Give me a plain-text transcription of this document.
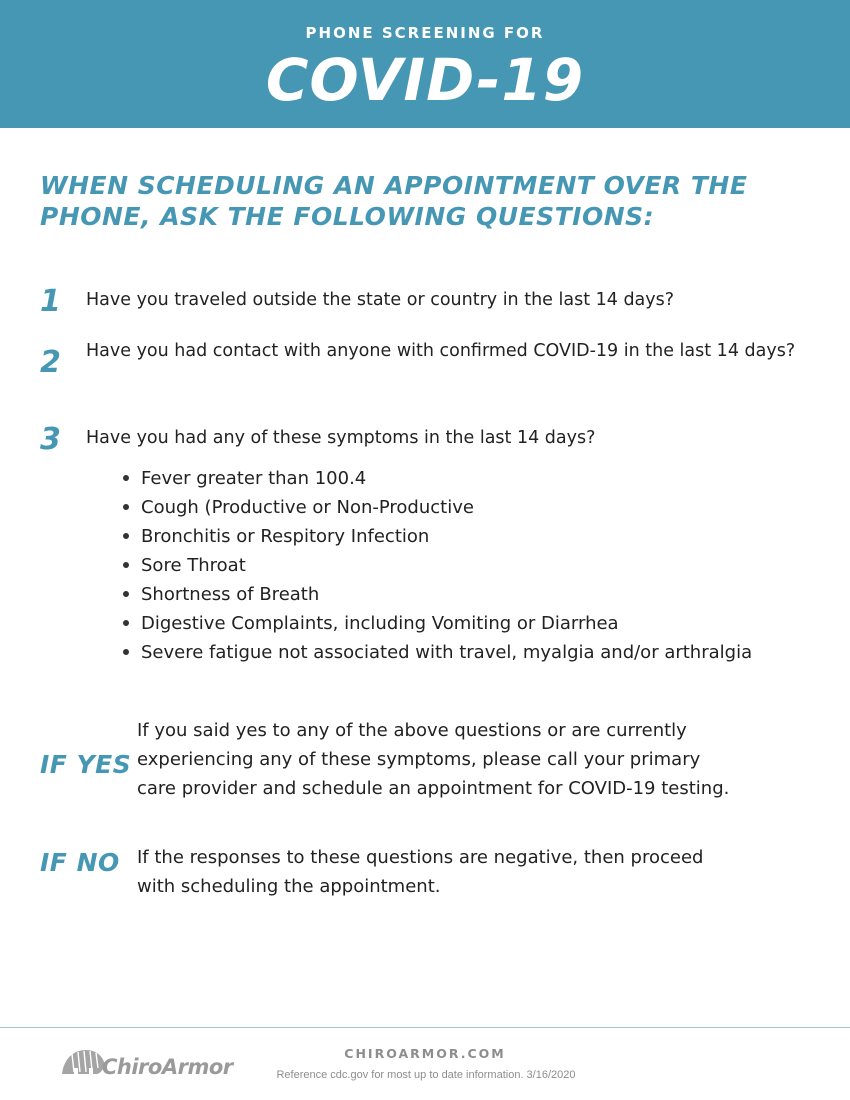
PHONE SCREENING FOR
COVID-19
WHEN SCHEDULING AN APPOINTMENT OVER THE PHONE, ASK THE FOLLOWING QUESTIONS:
1 Have you traveled outside the state or country in the last 14 days?
2 Have you had contact with anyone with confirmed COVID-19 in the last 14 days?
3 Have you had any of these symptoms in the last 14 days?
Fever greater than 100.4
Cough (Productive or Non-Productive
Bronchitis or Respitory Infection
Sore Throat
Shortness of Breath
Digestive Complaints, including Vomiting or Diarrhea
Severe fatigue not associated with travel, myalgia and/or arthralgia
IF YES
If you said yes to any of the above questions or are currently experiencing any of these symptoms, please call your primary care provider and schedule an appointment for COVID-19 testing.
IF NO If the responses to these questions are negative, then proceed with scheduling the appointment.
ChiroArmor
CHIROARMOR.COM
Reference cdc.gov for most up to date information. 3/16/2020
